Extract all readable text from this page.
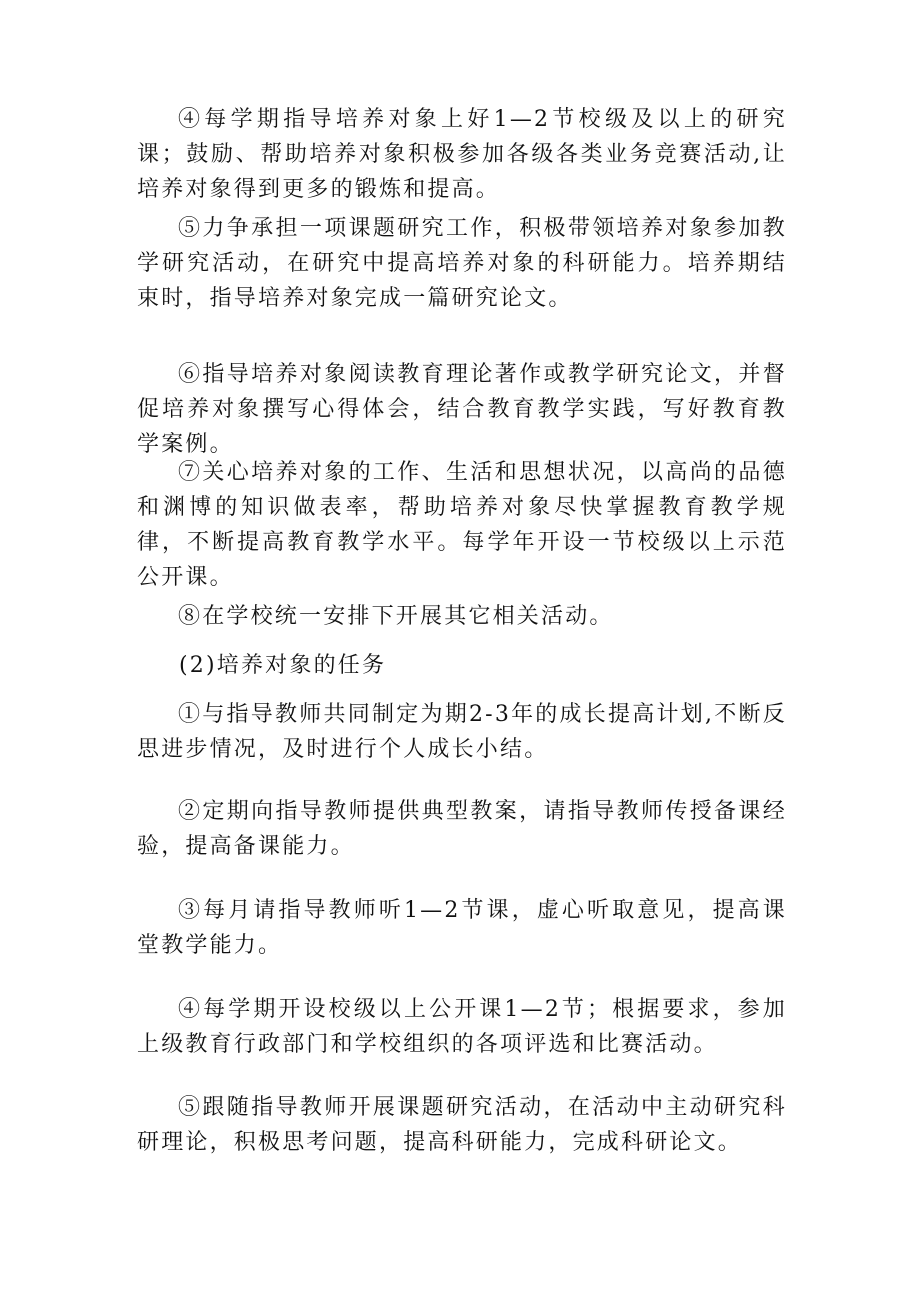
④每学期指导培养对象上好1—2节校级及以上的研究课；鼓励、帮助培养对象积极参加各级各类业务竞赛活动,让培养对象得到更多的锻炼和提高。

⑤力争承担一项课题研究工作，积极带领培养对象参加教学研究活动，在研究中提高培养对象的科研能力。培养期结束时，指导培养对象完成一篇研究论文。

⑥指导培养对象阅读教育理论著作或教学研究论文，并督促培养对象撰写心得体会，结合教育教学实践，写好教育教学案例。

⑦关心培养对象的工作、生活和思想状况，以高尚的品德和渊博的知识做表率，帮助培养对象尽快掌握教育教学规律，不断提高教育教学水平。每学年开设一节校级以上示范公开课。

⑧在学校统一安排下开展其它相关活动。

(2)培养对象的任务

①与指导教师共同制定为期2-3年的成长提高计划,不断反思进步情况，及时进行个人成长小结。

②定期向指导教师提供典型教案，请指导教师传授备课经验，提高备课能力。

③每月请指导教师听1—2节课，虚心听取意见，提高课堂教学能力。

④每学期开设校级以上公开课1—2节；根据要求，参加上级教育行政部门和学校组织的各项评选和比赛活动。

⑤跟随指导教师开展课题研究活动，在活动中主动研究科研理论，积极思考问题，提高科研能力，完成科研论文。
